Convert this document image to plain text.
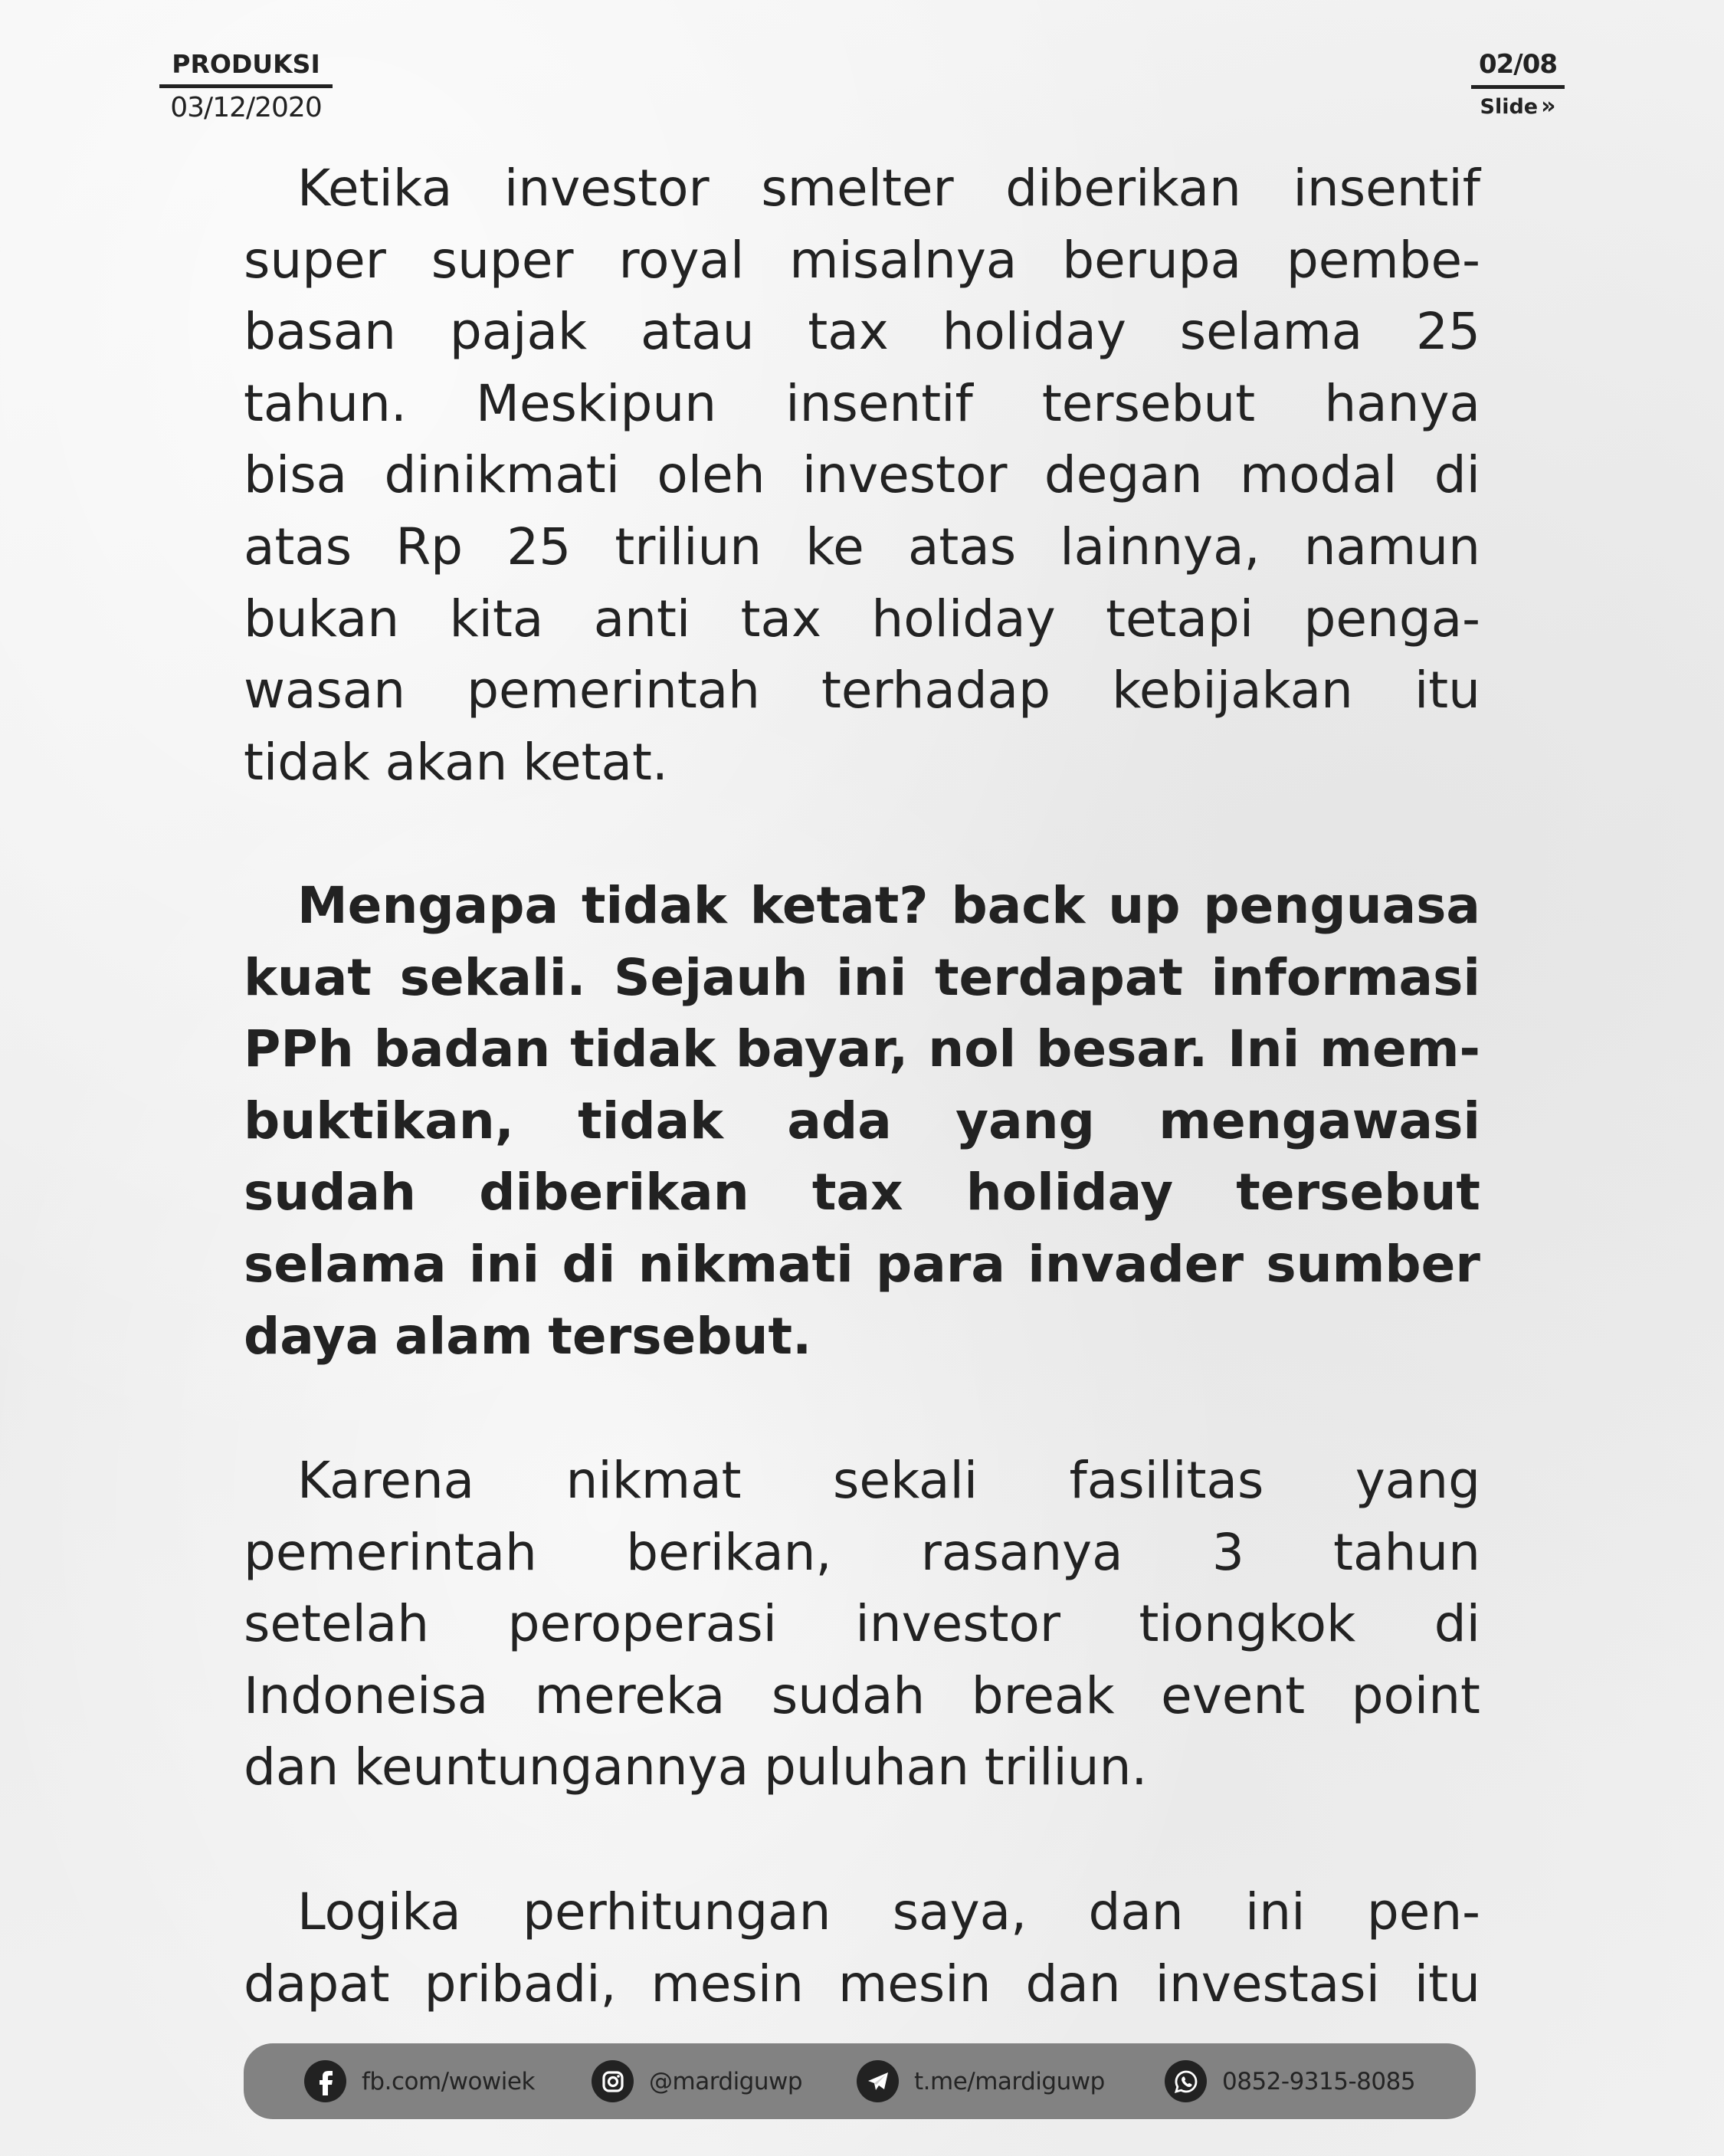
PRODUKSI
03/12/2020
02/08
Slide »
Ketika investor smelter diberikan insentif
super super royal misalnya berupa pembe-
basan pajak atau tax holiday selama 25
tahun. Meskipun insentif tersebut hanya
bisa dinikmati oleh investor degan modal di
atas Rp 25 triliun ke atas lainnya, namun
bukan kita anti tax holiday tetapi penga-
wasan pemerintah terhadap kebijakan itu
tidak akan ketat.
Mengapa tidak ketat? back up penguasa
kuat sekali. Sejauh ini terdapat informasi
PPh badan tidak bayar, nol besar. Ini mem-
buktikan, tidak ada yang mengawasi
sudah diberikan tax holiday tersebut
selama ini di nikmati para invader sumber
daya alam tersebut.
Karena nikmat sekali fasilitas yang
pemerintah berikan, rasanya 3 tahun
setelah peroperasi investor tiongkok di
Indoneisa mereka sudah break event point
dan keuntungannya puluhan triliun.
Logika perhitungan saya, dan ini pen-
dapat pribadi, mesin mesin dan investasi itu
fb.com/wowiek	@mardiguwp	t.me/mardiguwp	0852-9315-8085
